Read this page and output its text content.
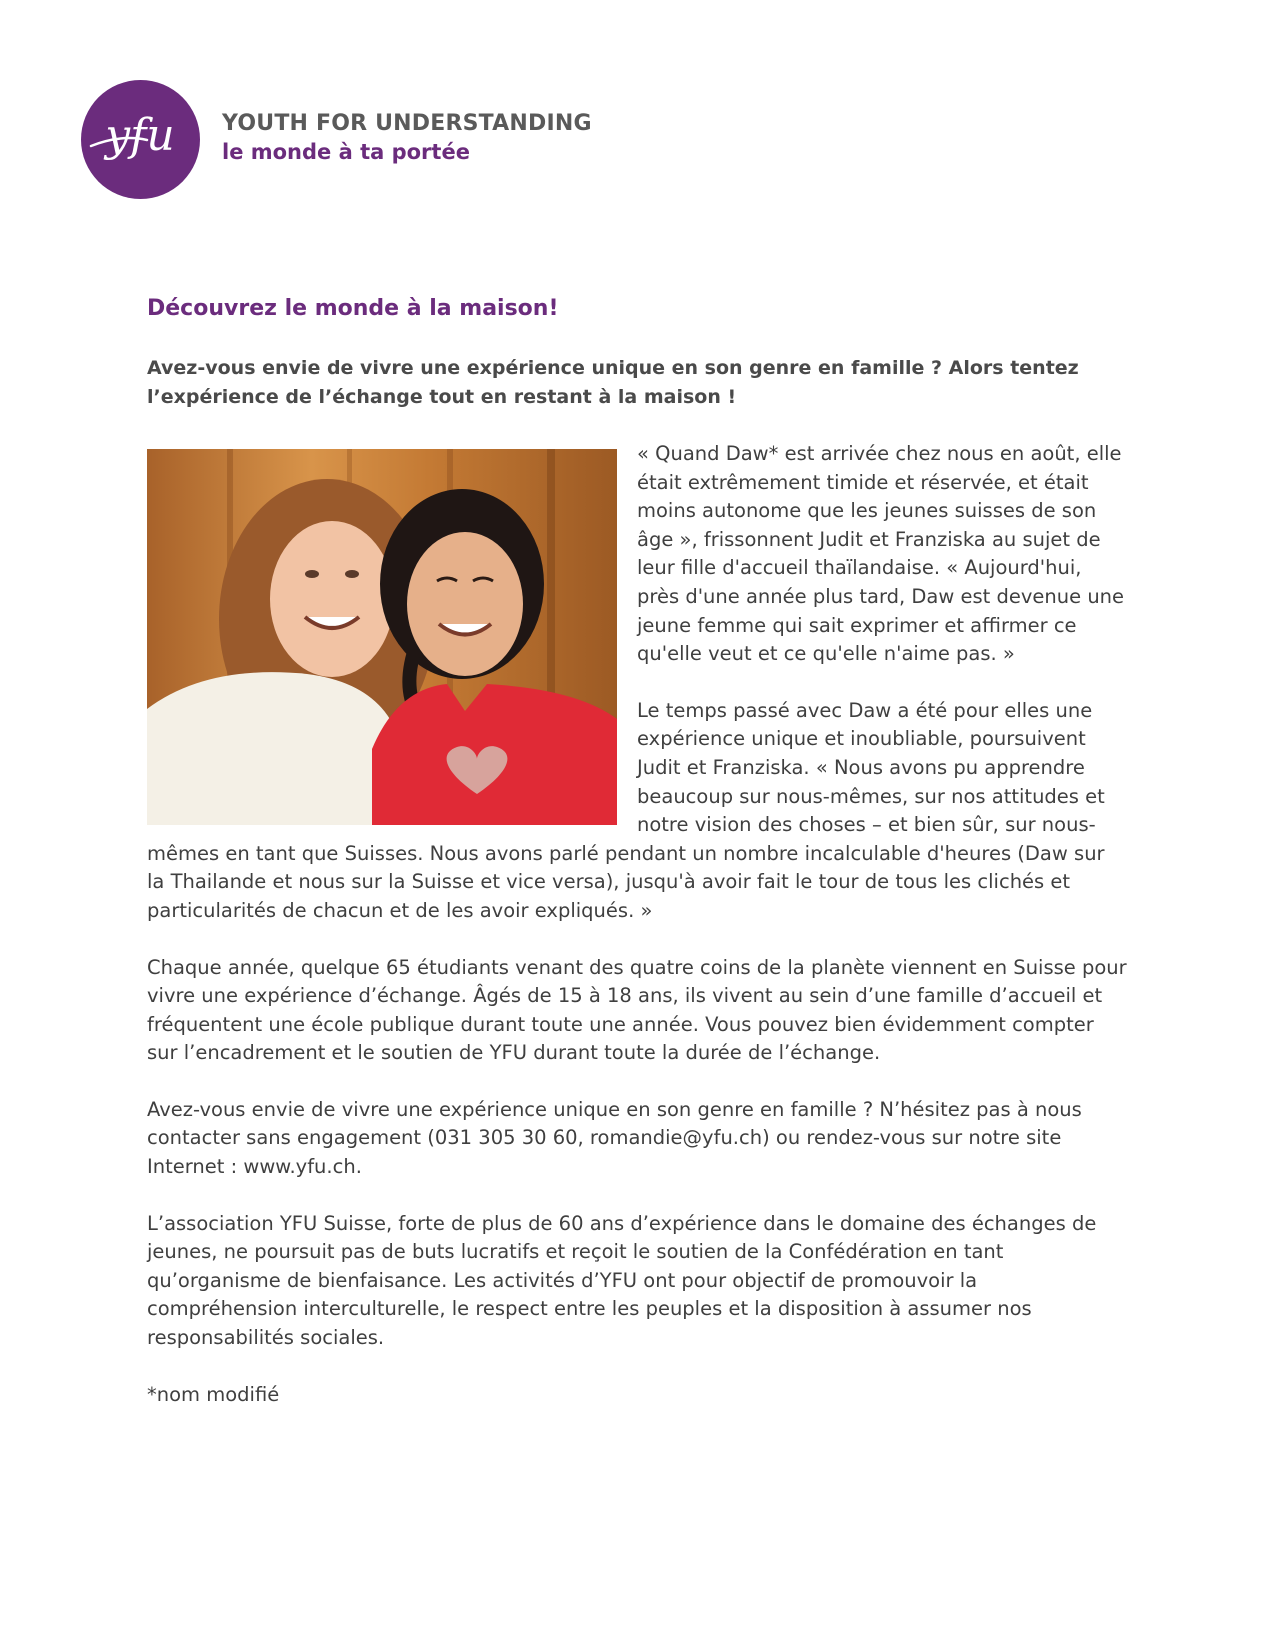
yfu YOUTH FOR UNDERSTANDING
le monde à ta portée
Découvrez le monde à la maison!

Avez-vous envie de vivre une expérience unique en son genre en famille ? Alors tentez l’expérience de l’échange tout en restant à la maison !

« Quand Daw* est arrivée chez nous en août, elle était extrêmement timide et réservée, et était moins autonome que les jeunes suisses de son âge », frissonnent Judit et Franziska au sujet de leur fille d'accueil thaïlandaise. « Aujourd'hui, près d'une année plus tard, Daw est devenue une jeune femme qui sait exprimer et affirmer ce qu'elle veut et ce qu'elle n'aime pas. »

Le temps passé avec Daw a été pour elles une expérience unique et inoubliable, poursuivent Judit et Franziska. « Nous avons pu apprendre beaucoup sur nous-mêmes, sur nos attitudes et notre vision des choses – et bien sûr, sur nous-mêmes en tant que Suisses. Nous avons parlé pendant un nombre incalculable d'heures (Daw sur la Thailande et nous sur la Suisse et vice versa), jusqu'à avoir fait le tour de tous les clichés et particularités de chacun et de les avoir expliqués. »

Chaque année, quelque 65 étudiants venant des quatre coins de la planète viennent en Suisse pour vivre une expérience d’échange. Âgés de 15 à 18 ans, ils vivent au sein d’une famille d’accueil et fréquentent une école publique durant toute une année. Vous pouvez bien évidemment compter sur l’encadrement et le soutien de YFU durant toute la durée de l’échange.

Avez-vous envie de vivre une expérience unique en son genre en famille ? N’hésitez pas à nous contacter sans engagement (031 305 30 60, romandie@yfu.ch) ou rendez-vous sur notre site Internet : www.yfu.ch.

L’association YFU Suisse, forte de plus de 60 ans d’expérience dans le domaine des échanges de jeunes, ne poursuit pas de buts lucratifs et reçoit le soutien de la Confédération en tant qu’organisme de bienfaisance. Les activités d’YFU ont pour objectif de promouvoir la compréhension interculturelle, le respect entre les peuples et la disposition à assumer nos responsabilités sociales.

*nom modifié
